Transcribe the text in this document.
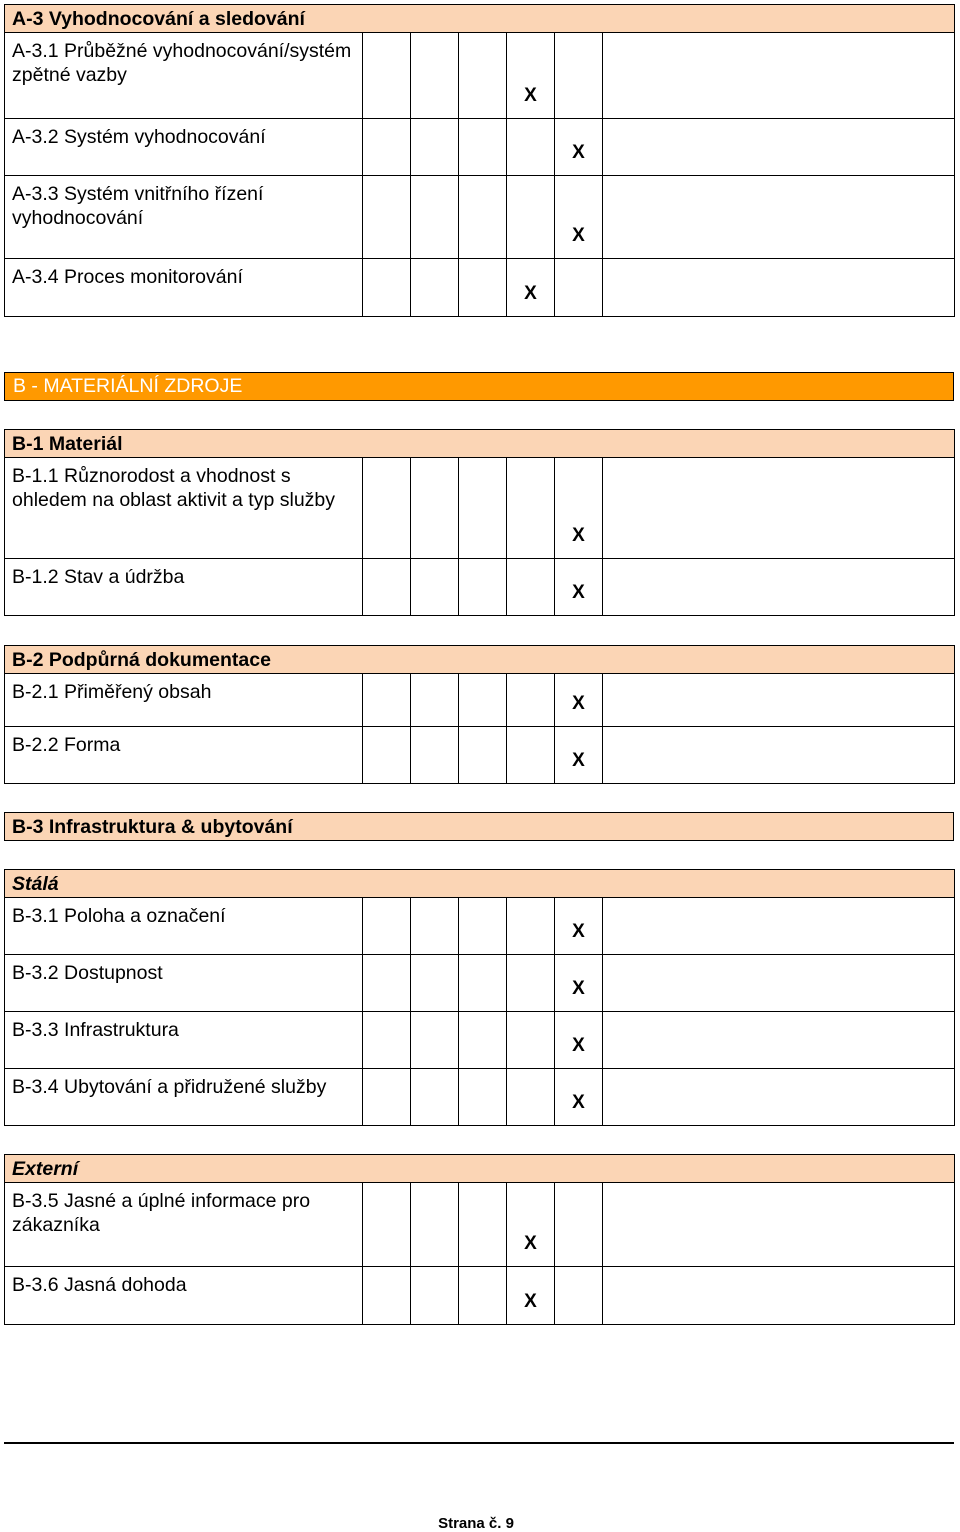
A-3 Vyhodnocování a sledování						
A-3.1 Průběžné vyhodnocování/systém zpětné vazby				X		
A-3.2 Systém vyhodnocování					X	
A-3.3 Systém vnitřního řízení vyhodnocování					X	
A-3.4 Proces monitorování				X		
B - MATERIÁLNÍ ZDROJE
B-1 Materiál						
B-1.1 Různorodost a vhodnost s ohledem na oblast aktivit a typ služby					X	
B-1.2 Stav a údržba					X	
B-2 Podpůrná dokumentace						
B-2.1 Přiměřený obsah					X	
B-2.2 Forma					X	
B-3 Infrastruktura & ubytování
Stálá						
B-3.1 Poloha a označení					X	
B-3.2 Dostupnost					X	
B-3.3 Infrastruktura					X	
B-3.4 Ubytování a přidružené služby					X	
Externí						
B-3.5 Jasné a úplné informace pro zákazníka				X		
B-3.6 Jasná dohoda				X		
Strana č. 9
